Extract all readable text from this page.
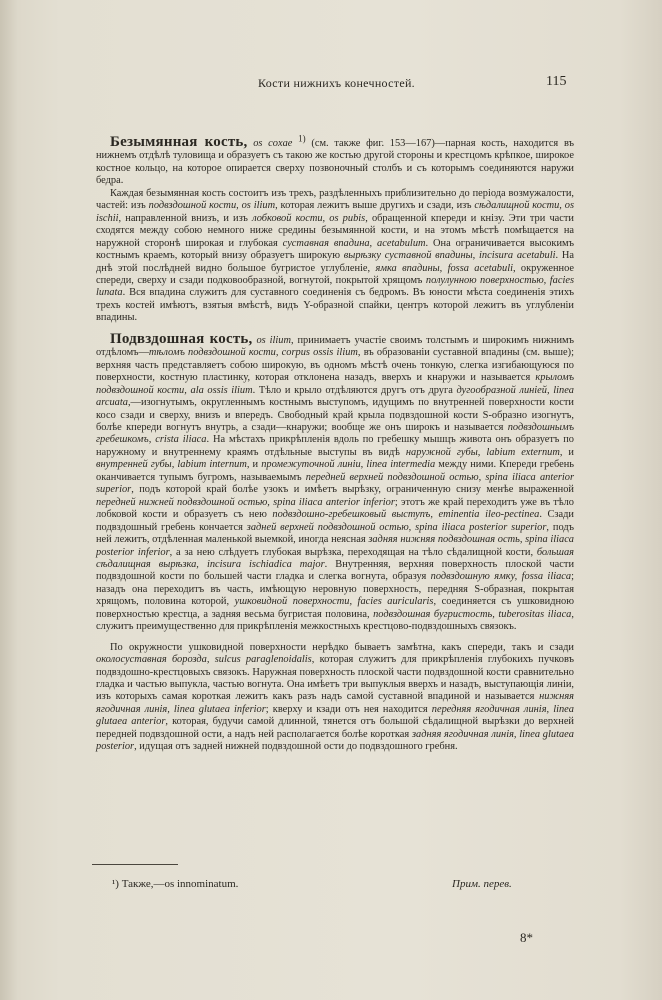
Кости нижнихъ конечностей.	115

Безымянная кость, os coxae 1) (см. также фиг. 153—167)—парная кость, находится въ нижнемъ отдѣлѣ туловища и образуетъ съ такою же костью другой стороны и крестцомъ крѣпкое, широкое костное кольцо, на которое опирается сверху позвоночный столбъ и съ которымъ соединяются наружи бедра.

Каждая безымянная кость состоитъ изъ трехъ, раздѣленныхъ приблизительно до періода возмужалости, частей: изъ подвздошной кости, os ilium, которая лежитъ выше другихъ и сзади, изъ сѣдалищной кости, os ischii, направленной внизъ, и изъ лобковой кости, os pubis, обращенной кпереди и кнізу. Эти три части сходятся между собою немного ниже средины безымянной кости, и на этомъ мѣстѣ помѣщается на наружной сторонѣ широкая и глубокая суставная впадина, acetabulum. Она ограничивается высокимъ костнымъ краемъ, который внизу образуетъ широкую вырѣзку суставной впадины, incisura acetabuli. На днѣ этой послѣдней видно большое бугристое углубленіе, ямка впадины, fossa acetabuli, окруженное спереди, сверху и сзади подковообразной, вогнутой, покрытой хрящомъ полулунною поверхностью, facies lunata. Вся впадина служитъ для суставного соединенія съ бедромъ. Въ юности мѣста соединенія этихъ трехъ костей имѣютъ, взятыя вмѣстѣ, видъ Y-образной спайки, центръ которой лежитъ въ углубленіи впадины.

Подвздошная кость, os ilium, принимаетъ участіе своимъ толстымъ и широкимъ нижнимъ отдѣломъ—тѣломъ подвздошной кости, corpus ossis ilium, въ образованіи суставной впадины (см. выше); верхняя часть представляетъ собою широкую, въ одномъ мѣстѣ очень тонкую, слегка изгибающуюся по поверхности, костную пластинку, которая отклонена назадъ, вверхъ и кнаружи и называется крыломъ подвздошной кости, ala ossis ilium. Тѣло и крыло отдѣляются другъ отъ друга дугообразной линіей, linea arcuata,—изогнутымъ, округленнымъ костнымъ выступомъ, идущимъ по внутренней поверхности кости косо сзади и сверху, внизъ и впередъ. Свободный край крыла подвздошной кости S-образно изогнутъ, болѣе кпереди вогнутъ внутрь, а сзади—кнаружи; вообще же онъ широкъ и называется подвздошнымъ гребешкомъ, crista iliaca. На мѣстахъ прикрѣпленія вдоль по гребешку мышцъ живота онъ образуетъ по наружному и внутреннему краямъ отдѣльные выступы въ видѣ наружной губы, labium externum, и внутренней губы, labium internum, и промежуточной линіи, linea intermedia между ними. Кпереди гребень оканчивается тупымъ бугромъ, называемымъ передней верхней подвздошной остью, spina iliaca anterior superior, подъ которой край болѣе узокъ и имѣетъ вырѣзку, ограниченную снизу менѣе выраженной передней нижней подвздошной остью, spina iliaca anterior inferior; этотъ же край переходитъ уже въ тѣло лобковой кости и образуетъ съ нею подвздошно-гребешковый выступъ, eminentia ileo-pectinea. Сзади подвздошный гребень кончается задней верхней подвздошной остью, spina iliaca posterior superior, подъ ней лежитъ, отдѣленная маленькой выемкой, иногда неясная задняя нижняя подвздошная ость, spina iliaca posterior inferior, а за нею слѣдуетъ глубокая вырѣзка, переходящая на тѣло сѣдалищной кости, большая сѣдалищная вырѣзка, incisura ischiadica major. Внутренняя, верхняя поверхность плоской части подвздошной кости по большей части гладка и слегка вогнута, образуя подвздошную ямку, fossa iliaca; назадъ она переходитъ въ часть, имѣющую неровную поверхность, передняя S-образная, покрытая хрящомъ, половина которой, ушковидной поверхности, facies auricularis, соединяется съ ушковидною поверхностью крестца, а задняя весьма бугристая половина, подвздошная бугристость, tuberositas iliaca, служитъ преимущественно для прикрѣпленія межкостныхъ крестцово-подвздошныхъ связокъ.

По окружности ушковидной поверхности нерѣдко бываетъ замѣтна, какъ спереди, такъ и сзади околосуставная борозда, sulcus paraglenoidalis, которая служитъ для прикрѣпленія глубокихъ пучковъ подвздошно-крестцовыхъ связокъ. Наружная поверхность плоской части подвздошной кости сравнительно гладка и частью выпукла, частью вогнута. Она имѣетъ три выпуклыя вверхъ и назадъ, выступающія линіи, изъ которыхъ самая короткая лежитъ какъ разъ надъ самой суставной впадиной и называется нижняя ягодичная линія, linea glutaea inferior; кверху и кзади отъ нея находится передняя ягодичная линія, linea glutaea anterior, которая, будучи самой длинной, тянется отъ большой сѣдалищной вырѣзки до верхней передней подвздошной ости, а надъ ней располагается болѣе короткая задняя ягодичная линія, linea glutaea posterior, идущая отъ задней нижней подвздошной ости до подвздошного гребня.

¹) Также,—os innominatum.	Прим. перев.
8*
